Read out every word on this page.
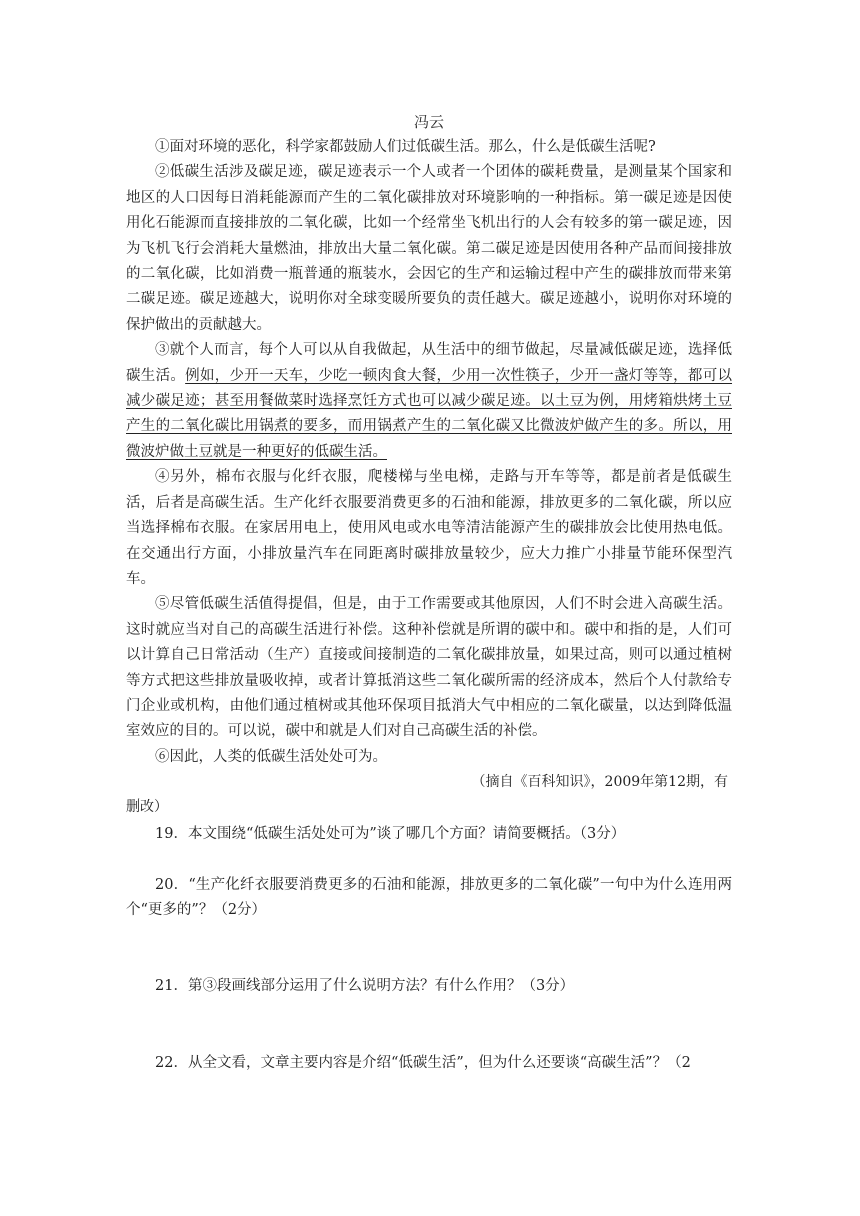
冯云

①面对环境的恶化，科学家都鼓励人们过低碳生活。那么，什么是低碳生活呢?

②低碳生活涉及碳足迹，碳足迹表示一个人或者一个团体的碳耗费量，是测量某个国家和地区的人口因每日消耗能源而产生的二氧化碳排放对环境影响的一种指标。第一碳足迹是因使用化石能源而直接排放的二氧化碳，比如一个经常坐飞机出行的人会有较多的第一碳足迹，因为飞机飞行会消耗大量燃油，排放出大量二氧化碳。第二碳足迹是因使用各种产品而间接排放的二氧化碳，比如消费一瓶普通的瓶装水，会因它的生产和运输过程中产生的碳排放而带来第二碳足迹。碳足迹越大，说明你对全球变暖所要负的责任越大。碳足迹越小，说明你对环境的保护做出的贡献越大。

③就个人而言，每个人可以从自我做起，从生活中的细节做起，尽量减低碳足迹，选择低碳生活。例如，少开一天车，少吃一顿肉食大餐，少用一次性筷子，少开一盏灯等等，都可以减少碳足迹；甚至用餐做菜时选择烹饪方式也可以减少碳足迹。以土豆为例，用烤箱烘烤土豆产生的二氧化碳比用锅煮的要多，而用锅煮产生的二氧化碳又比微波炉做产生的多。所以，用微波炉做土豆就是一种更好的低碳生活。

④另外，棉布衣服与化纤衣服，爬楼梯与坐电梯，走路与开车等等，都是前者是低碳生活，后者是高碳生活。生产化纤衣服要消费更多的石油和能源，排放更多的二氧化碳，所以应当选择棉布衣服。在家居用电上，使用风电或水电等清洁能源产生的碳排放会比使用热电低。在交通出行方面，小排放量汽车在同距离时碳排放量较少，应大力推广小排量节能环保型汽车。

⑤尽管低碳生活值得提倡，但是，由于工作需要或其他原因，人们不时会进入高碳生活。这时就应当对自己的高碳生活进行补偿。这种补偿就是所谓的碳中和。碳中和指的是，人们可以计算自己日常活动（生产）直接或间接制造的二氧化碳排放量，如果过高，则可以通过植树等方式把这些排放量吸收掉，或者计算抵消这些二氧化碳所需的经济成本，然后个人付款给专门企业或机构，由他们通过植树或其他环保项目抵消大气中相应的二氧化碳量，以达到降低温室效应的目的。可以说，碳中和就是人们对自己高碳生活的补偿。

⑥因此，人类的低碳生活处处可为。

（摘自《百科知识》，2009年第12期，有

删改）

19．本文围绕“低碳生活处处可为”谈了哪几个方面？请简要概括。（3分）

20．“生产化纤衣服要消费更多的石油和能源，排放更多的二氧化碳”一句中为什么连用两个“更多的”？（2分）

21．第③段画线部分运用了什么说明方法？有什么作用？（3分）

22．从全文看，文章主要内容是介绍“低碳生活”，但为什么还要谈“高碳生活”？（2
